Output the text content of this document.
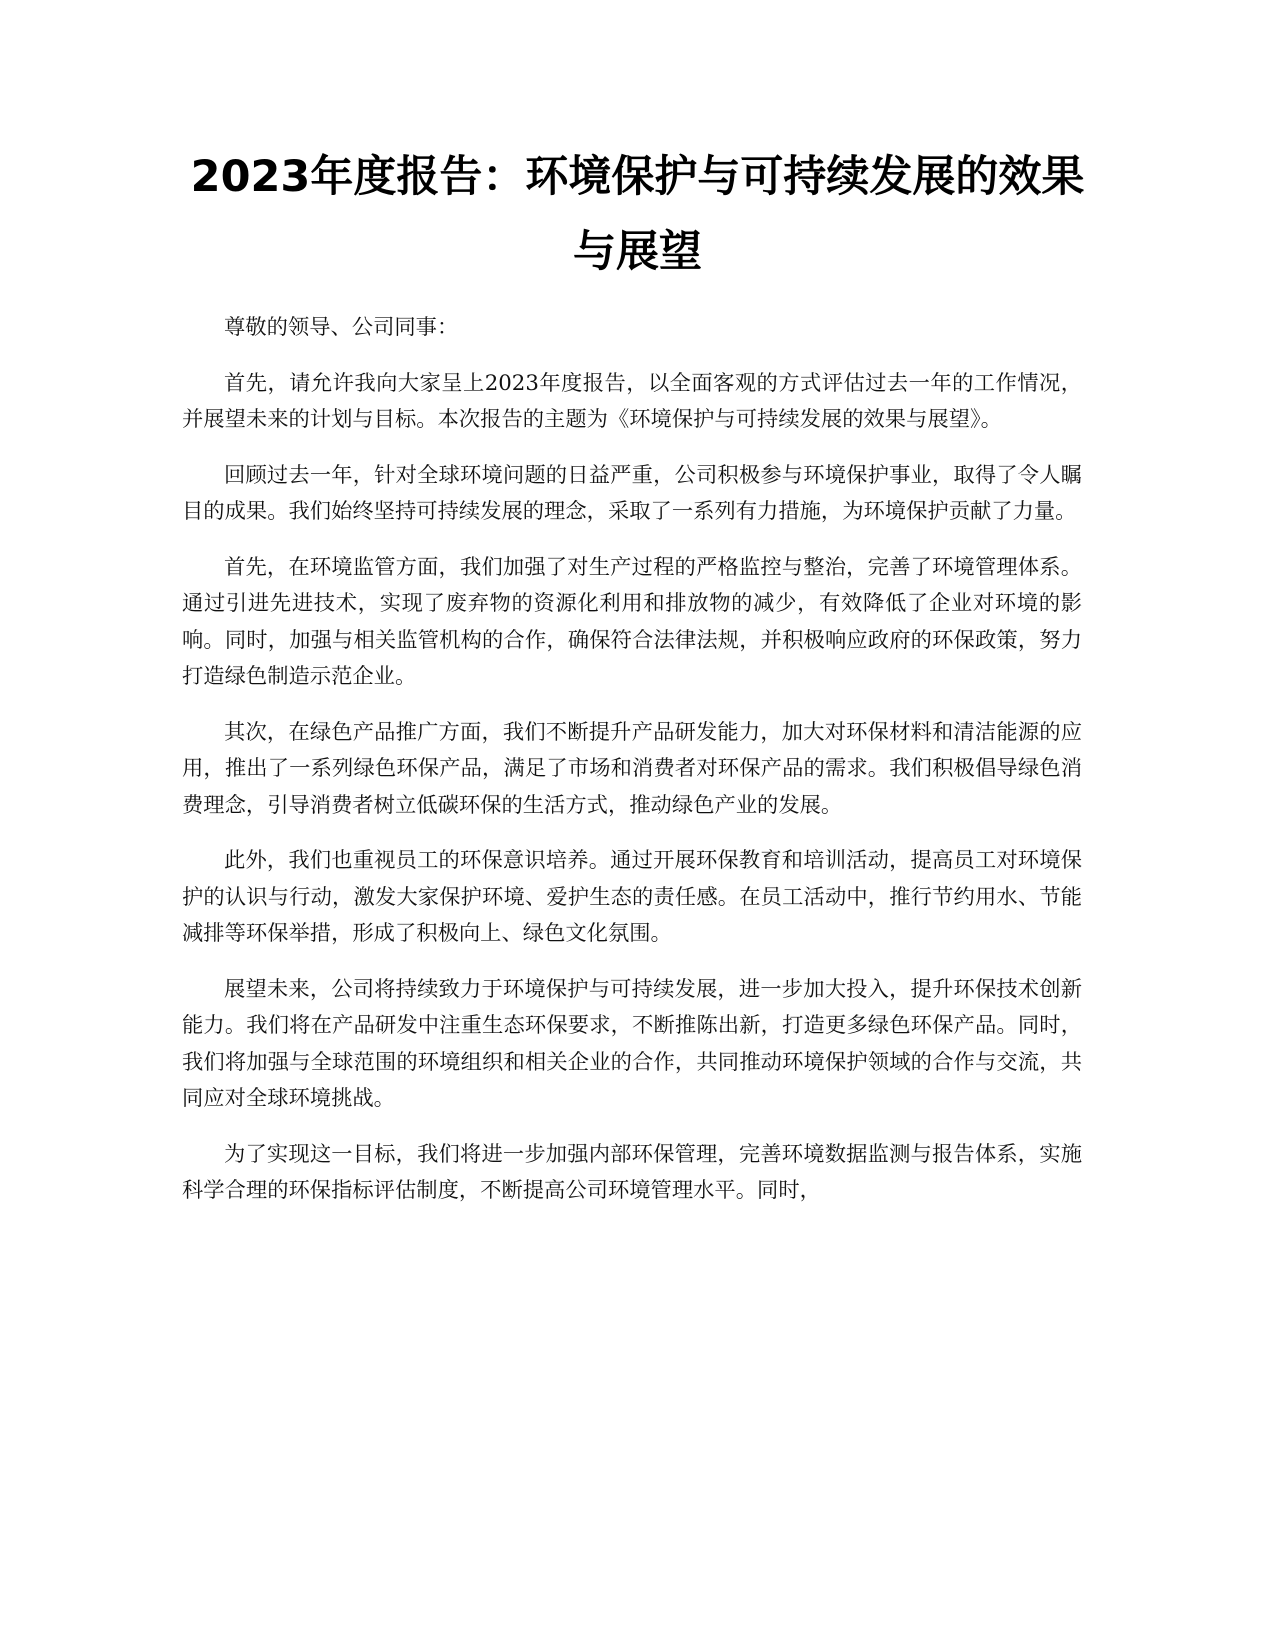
2023年度报告：环境保护与可持续发展的效果与展望

尊敬的领导、公司同事：

首先，请允许我向大家呈上2023年度报告，以全面客观的方式评估过去一年的工作情况，并展望未来的计划与目标。本次报告的主题为《环境保护与可持续发展的效果与展望》。

回顾过去一年，针对全球环境问题的日益严重，公司积极参与环境保护事业，取得了令人瞩目的成果。我们始终坚持可持续发展的理念，采取了一系列有力措施，为环境保护贡献了力量。

首先，在环境监管方面，我们加强了对生产过程的严格监控与整治，完善了环境管理体系。通过引进先进技术，实现了废弃物的资源化利用和排放物的减少，有效降低了企业对环境的影响。同时，加强与相关监管机构的合作，确保符合法律法规，并积极响应政府的环保政策，努力打造绿色制造示范企业。

其次，在绿色产品推广方面，我们不断提升产品研发能力，加大对环保材料和清洁能源的应用，推出了一系列绿色环保产品，满足了市场和消费者对环保产品的需求。我们积极倡导绿色消费理念，引导消费者树立低碳环保的生活方式，推动绿色产业的发展。

此外，我们也重视员工的环保意识培养。通过开展环保教育和培训活动，提高员工对环境保护的认识与行动，激发大家保护环境、爱护生态的责任感。在员工活动中，推行节约用水、节能减排等环保举措，形成了积极向上、绿色文化氛围。

展望未来，公司将持续致力于环境保护与可持续发展，进一步加大投入，提升环保技术创新能力。我们将在产品研发中注重生态环保要求，不断推陈出新，打造更多绿色环保产品。同时，我们将加强与全球范围的环境组织和相关企业的合作，共同推动环境保护领域的合作与交流，共同应对全球环境挑战。

为了实现这一目标，我们将进一步加强内部环保管理，完善环境数据监测与报告体系，实施科学合理的环保指标评估制度，不断提高公司环境管理水平。同时，
